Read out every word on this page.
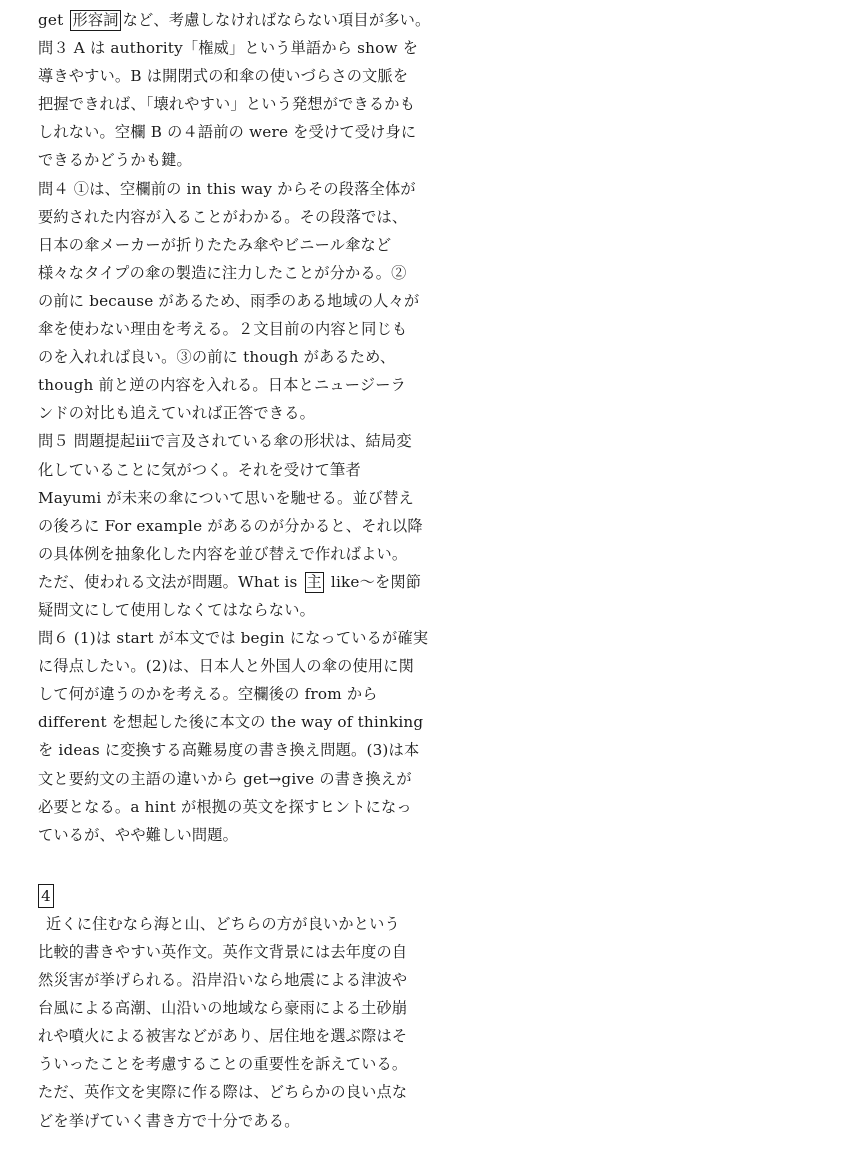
get 形容詞 など、考慮しなければならない項目が多い。
問３ A は authority「権威」という単語から show を
導きやすい。B は開閉式の和傘の使いづらさの文脈を
把握できれば、「壊れやすい」という発想ができるかも
しれない。空欄 B の４語前の were を受けて受け身に
できるかどうかも鍵。
問４ ①は、空欄前の in this way からその段落全体が
要約された内容が入ることがわかる。その段落では、
日本の傘メーカーが折りたたみ傘やビニール傘など
様々なタイプの傘の製造に注力したことが分かる。②
の前に because があるため、雨季のある地域の人々が
傘を使わない理由を考える。２文目前の内容と同じも
のを入れれば良い。③の前に though があるため、
though 前と逆の内容を入れる。日本とニュージーラ
ンドの対比も追えていれば正答できる。
問５ 問題提起ⅲで言及されている傘の形状は、結局変
化していることに気がつく。それを受けて筆者
Mayumi が未来の傘について思いを馳せる。並び替え
の後ろに For example があるのが分かると、それ以降
の具体例を抽象化した内容を並び替えで作ればよい。
ただ、使われる文法が問題。What is 主 like～を関節
疑問文にして使用しなくてはならない。
問６ (1)は start が本文では begin になっているが確実
に得点したい。(2)は、日本人と外国人の傘の使用に関
して何が違うのかを考える。空欄後の from から
different を想起した後に本文の the way of thinking
を ideas に変換する高難易度の書き換え問題。(3)は本
文と要約文の主語の違いから get→give の書き換えが
必要となる。a hint が根拠の英文を探すヒントになっ
ているが、やや難しい問題。
4
近くに住むなら海と山、どちらの方が良いかという
比較的書きやすい英作文。英作文背景には去年度の自
然災害が挙げられる。沿岸沿いなら地震による津波や
台風による高潮、山沿いの地域なら豪雨による土砂崩
れや噴火による被害などがあり、居住地を選ぶ際はそ
ういったことを考慮することの重要性を訴えている。
ただ、英作文を実際に作る際は、どちらかの良い点な
どを挙げていく書き方で十分である。
